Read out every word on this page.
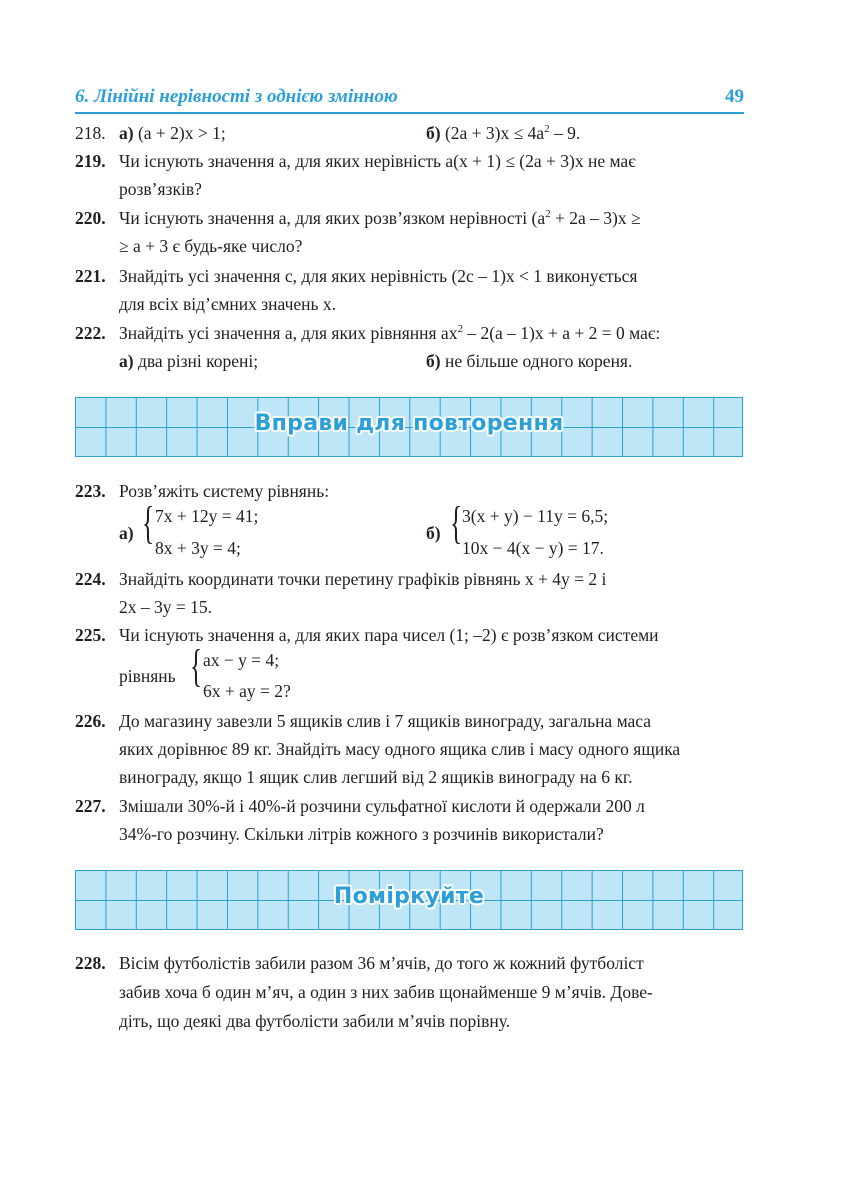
6. Лінійні нерівності з однією змінною	49
218. а) (a + 2)x > 1;	б) $(2a + 3)x \le 4a^2 - 9$.
219. Чи існують значення a, для яких нерівність a(x + 1) ≤ (2a + 3)x не має
розв’язків?
220. Чи існують значення a, для яких розв’язком нерівності $(a^2 + 2a - 3)x$ ≥
≥ a + 3 є будь-яке число?
221. Знайдіть усі значення c, для яких нерівність (2c – 1)x < 1 виконується
для всіх від’ємних значень x.
222. Знайдіть усі значення a, для яких рівняння $ax^2 - 2(a - 1)x + a + 2 = 0$ має:
а) два різні корені;	б) не більше одного кореня.
Вправи для повторення
223. Розв’яжіть систему рівнянь:
а) { 7x + 12y = 41;
8x + 3y = 4;
б) { 3(x + y) − 11y = 6,5;
10x − 4(x − y) = 17.
224. Знайдіть координати точки перетину графіків рівнянь x + 4y = 2 і
2x – 3y = 15.
225. Чи існують значення a, для яких пара чисел (1; –2) є розв’язком системи
рівнянь { ax − y = 4;
6x + ay = 2?
226. До магазину завезли 5 ящиків слив і 7 ящиків винограду, загальна маса
яких дорівнює 89 кг. Знайдіть масу одного ящика слив і масу одного ящика
винограду, якщо 1 ящик слив легший від 2 ящиків винограду на 6 кг.
227. Змішали 30%-й і 40%-й розчини сульфатної кислоти й одержали 200 л
34%-го розчину. Скільки літрів кожного з розчинів використали?
Поміркуйте
228. Вісім футболістів забили разом 36 м’ячів, до того ж кожний футболіст
забив хоча б один м’яч, а один з них забив щонайменше 9 м’ячів. Дове-
діть, що деякі два футболісти забили м’ячів порівну.
